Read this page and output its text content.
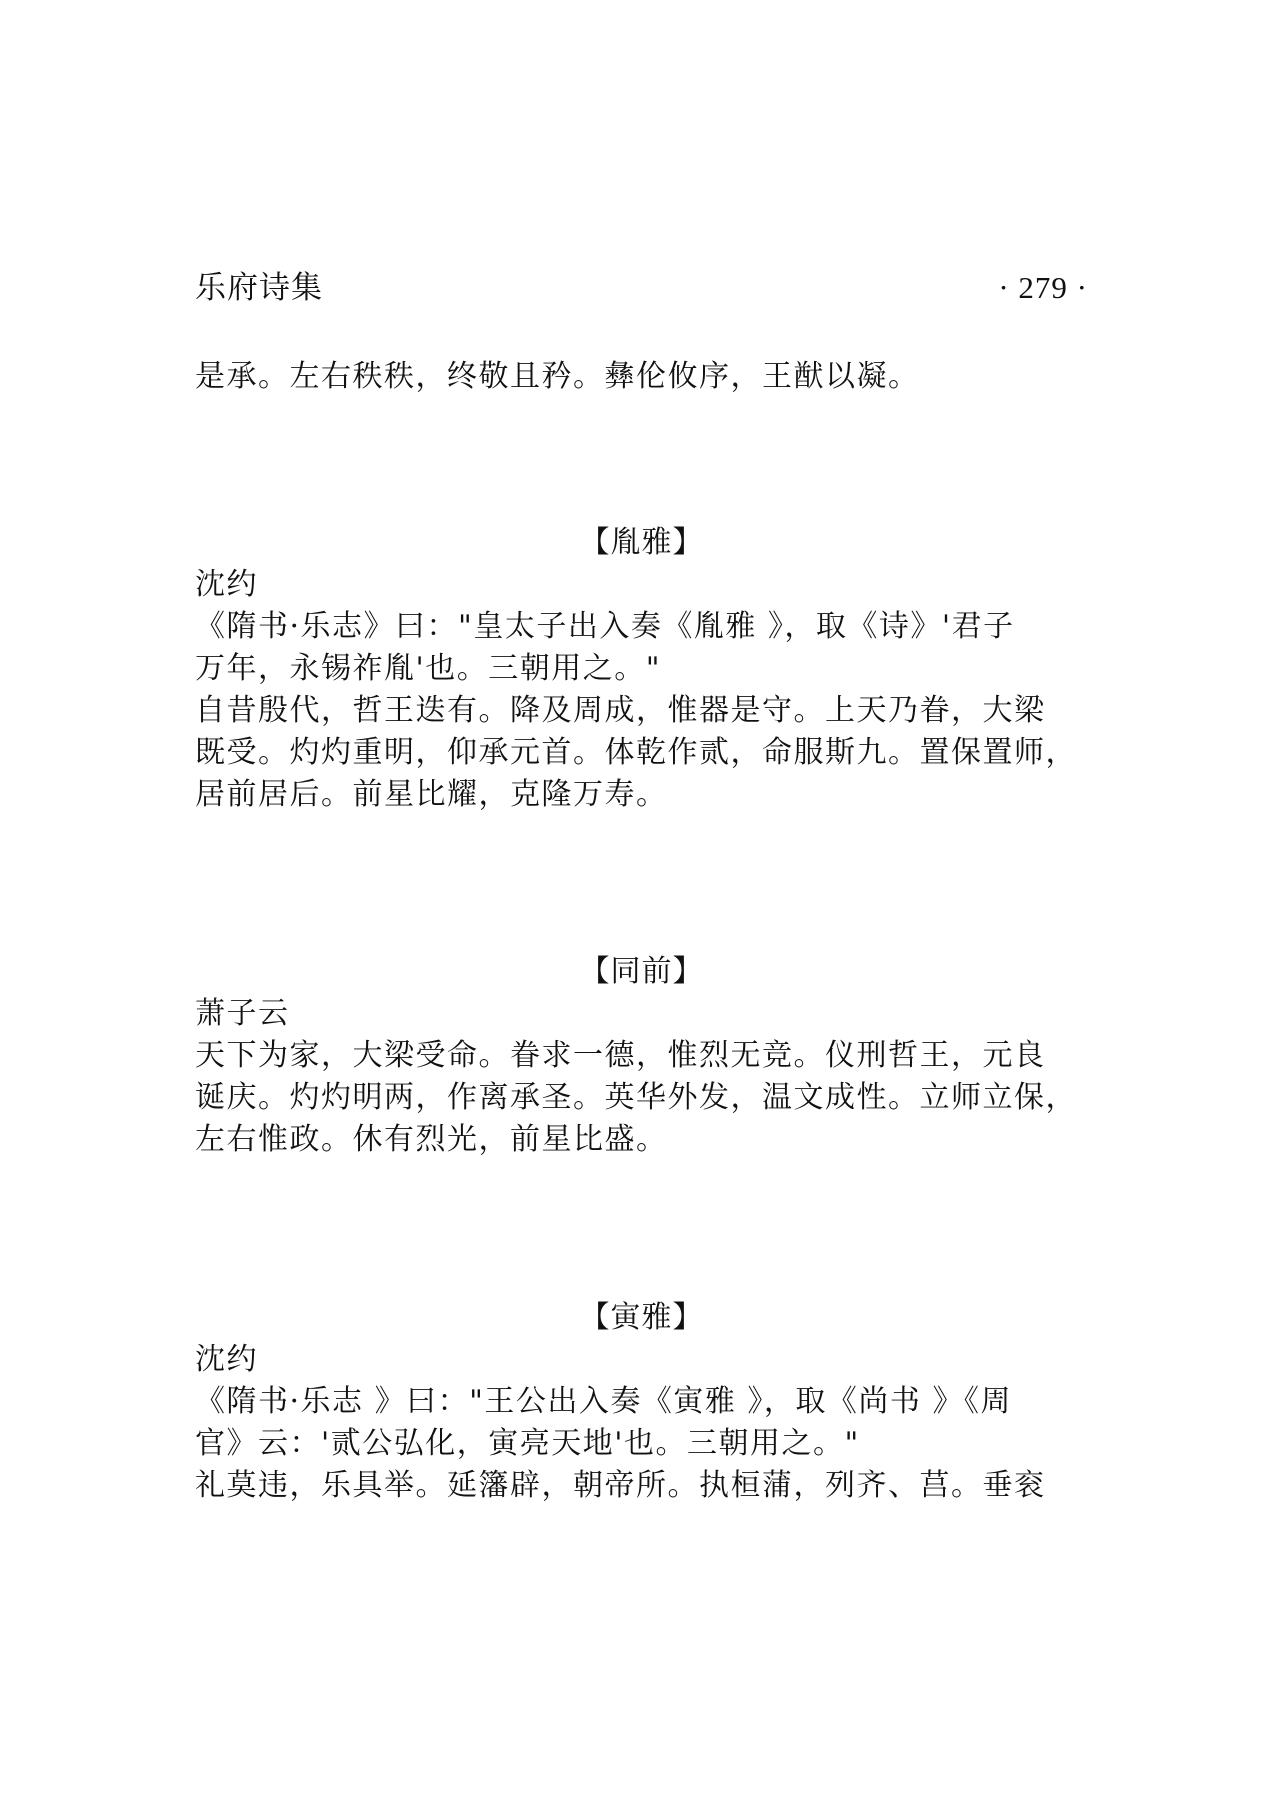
乐府诗集	· 279 ·
是承。左右秩秩，终敬且矜。彝伦攸序，王猷以凝。
【胤雅】
沈约
《隋书·乐志》曰："皇太子出入奏《胤雅 》，取《诗》'君子
万年，永锡祚胤'也。三朝用之。"
自昔殷代，哲王迭有。降及周成，惟器是守。上天乃眷，大梁
既受。灼灼重明，仰承元首。体乾作贰，命服斯九。置保置师，
居前居后。前星比耀，克隆万寿。
【同前】
萧子云
天下为家，大梁受命。眷求一德，惟烈无竞。仪刑哲王，元良
诞庆。灼灼明两，作离承圣。英华外发，温文成性。立师立保，
左右惟政。休有烈光，前星比盛。
【寅雅】
沈约
《隋书·乐志 》曰："王公出入奏《寅雅 》，取《尚书 》《周
官》云：'贰公弘化，寅亮天地'也。三朝用之。"
礼莫违，乐具举。延籓辟，朝帝所。执桓蒲，列齐、莒。垂衮
